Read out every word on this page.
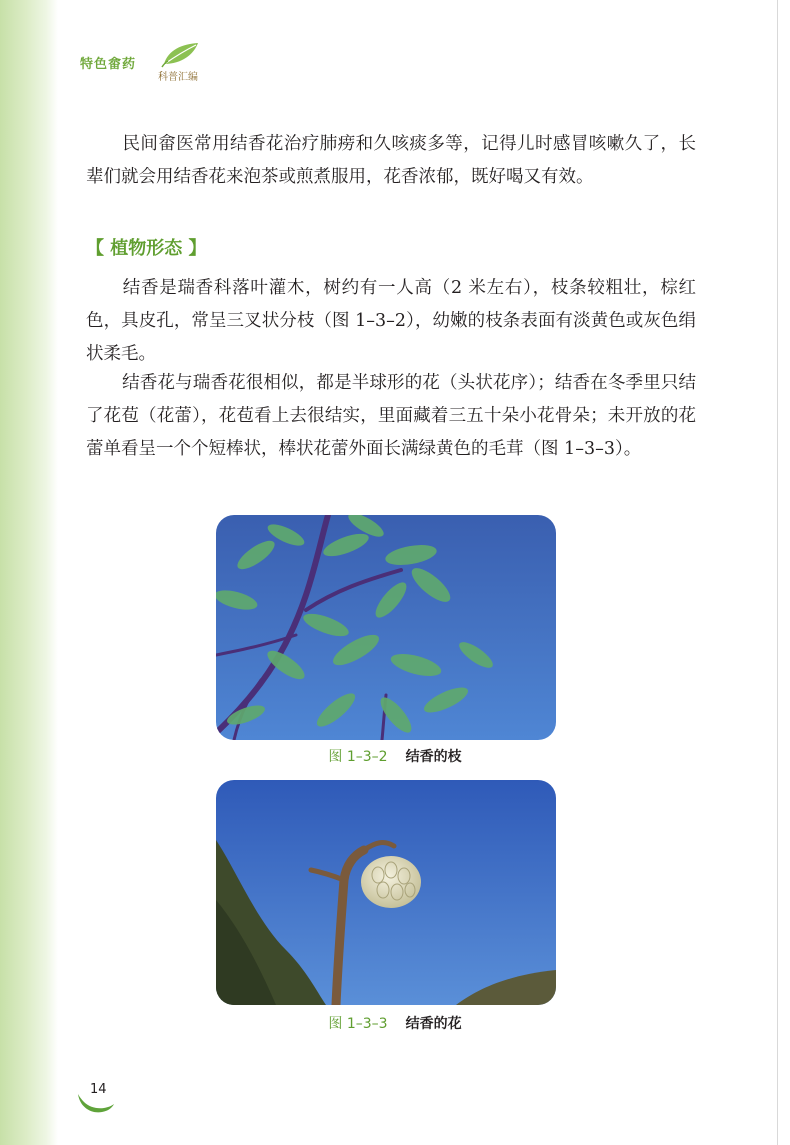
特色畲药
科普汇编

民间畲医常用结香花治疗肺痨和久咳痰多等，记得儿时感冒咳嗽久了，长辈们就会用结香花来泡茶或煎煮服用，花香浓郁，既好喝又有效。

【 植物形态 】

结香是瑞香科落叶灌木，树约有一人高（2 米左右），枝条较粗壮，棕红色，具皮孔，常呈三叉状分枝（图 1–3–2），幼嫩的枝条表面有淡黄色或灰色绢状柔毛。

结香花与瑞香花很相似，都是半球形的花（头状花序）；结香在冬季里只结了花苞（花蕾），花苞看上去很结实，里面藏着三五十朵小花骨朵；未开放的花蕾单看呈一个个短棒状，棒状花蕾外面长满绿黄色的毛茸（图 1–3–3）。

图 1–3–2 结香的枝
图 1–3–3 结香的花
14
